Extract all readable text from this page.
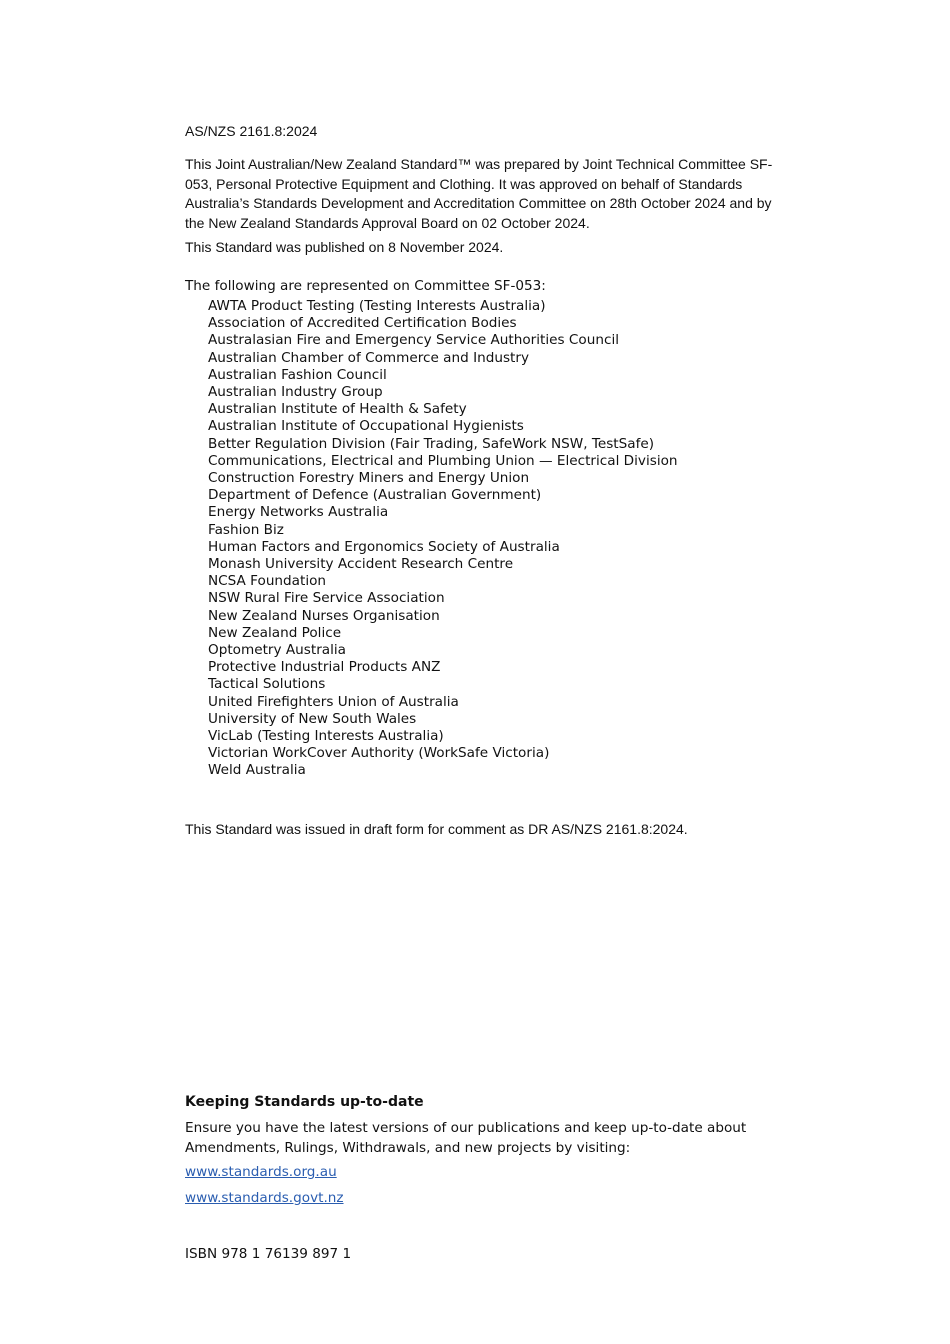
AS/NZS 2161.8:2024

This Joint Australian/New Zealand Standard™ was prepared by Joint Technical Committee SF-053, Personal Protective Equipment and Clothing. It was approved on behalf of Standards Australia’s Standards Development and Accreditation Committee on 28th October 2024 and by the New Zealand Standards Approval Board on 02 October 2024.

This Standard was published on 8 November 2024.

The following are represented on Committee SF-053:

AWTA Product Testing (Testing Interests Australia)
Association of Accredited Certification Bodies
Australasian Fire and Emergency Service Authorities Council
Australian Chamber of Commerce and Industry
Australian Fashion Council
Australian Industry Group
Australian Institute of Health & Safety
Australian Institute of Occupational Hygienists
Better Regulation Division (Fair Trading, SafeWork NSW, TestSafe)
Communications, Electrical and Plumbing Union — Electrical Division
Construction Forestry Miners and Energy Union
Department of Defence (Australian Government)
Energy Networks Australia
Fashion Biz
Human Factors and Ergonomics Society of Australia
Monash University Accident Research Centre
NCSA Foundation
NSW Rural Fire Service Association
New Zealand Nurses Organisation
New Zealand Police
Optometry Australia
Protective Industrial Products ANZ
Tactical Solutions
United Firefighters Union of Australia
University of New South Wales
VicLab (Testing Interests Australia)
Victorian WorkCover Authority (WorkSafe Victoria)
Weld Australia

This Standard was issued in draft form for comment as DR AS/NZS 2161.8:2024.

Keeping Standards up-to-date

Ensure you have the latest versions of our publications and keep up-to-date about Amendments, Rulings, Withdrawals, and new projects by visiting:

www.standards.org.au
www.standards.govt.nz

ISBN 978 1 76139 897 1
